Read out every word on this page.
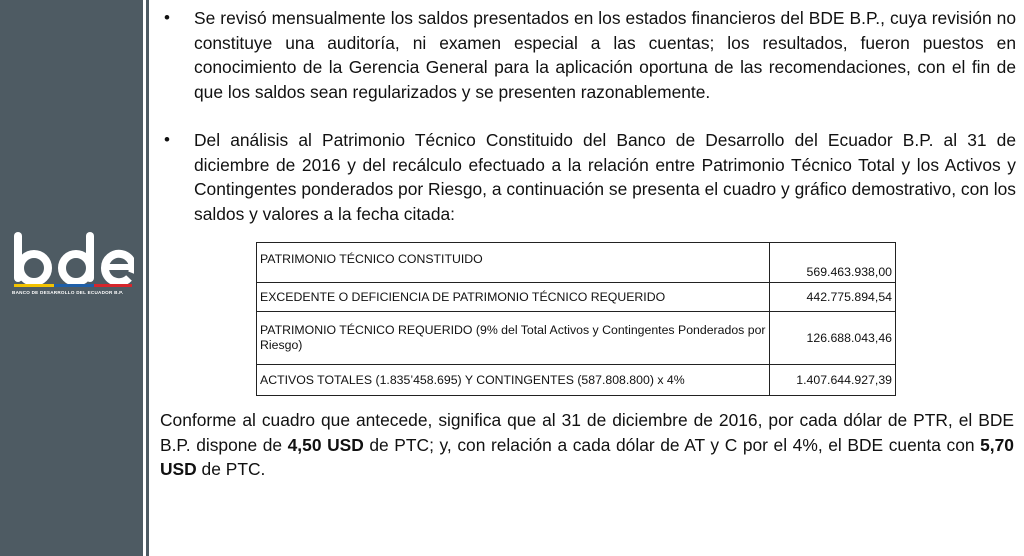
BANCO DE DESARROLLO DEL ECUADOR B.P.
• Se revisó mensualmente los saldos presentados en los estados financieros del BDE B.P., cuya revisión no constituye una auditoría, ni examen especial a las cuentas; los resultados, fueron puestos en conocimiento de la Gerencia General para la aplicación oportuna de las recomendaciones, con el fin de que los saldos sean regularizados y se presenten razonablemente.
• Del análisis al Patrimonio Técnico Constituido del Banco de Desarrollo del Ecuador B.P. al 31 de diciembre de 2016 y del recálculo efectuado a la relación entre Patrimonio Técnico Total y los Activos y Contingentes ponderados por Riesgo, a continuación se presenta el cuadro y gráfico demostrativo, con los saldos y valores a la fecha citada:
PATRIMONIO TÉCNICO CONSTITUIDO	569.463.938,00
EXCEDENTE O DEFICIENCIA DE PATRIMONIO TÉCNICO REQUERIDO	442.775.894,54
PATRIMONIO TÉCNICO REQUERIDO (9% del Total Activos y Contingentes Ponderados por Riesgo)	126.688.043,46
ACTIVOS TOTALES (1.835’458.695) Y CONTINGENTES (587.808.800) x 4%	1.407.644.927,39
Conforme al cuadro que antecede, significa que al 31 de diciembre de 2016, por cada dólar de PTR, el BDE B.P. dispone de 4,50 USD de PTC; y, con relación a cada dólar de AT y C por el 4%, el BDE cuenta con 5,70 USD de PTC.
